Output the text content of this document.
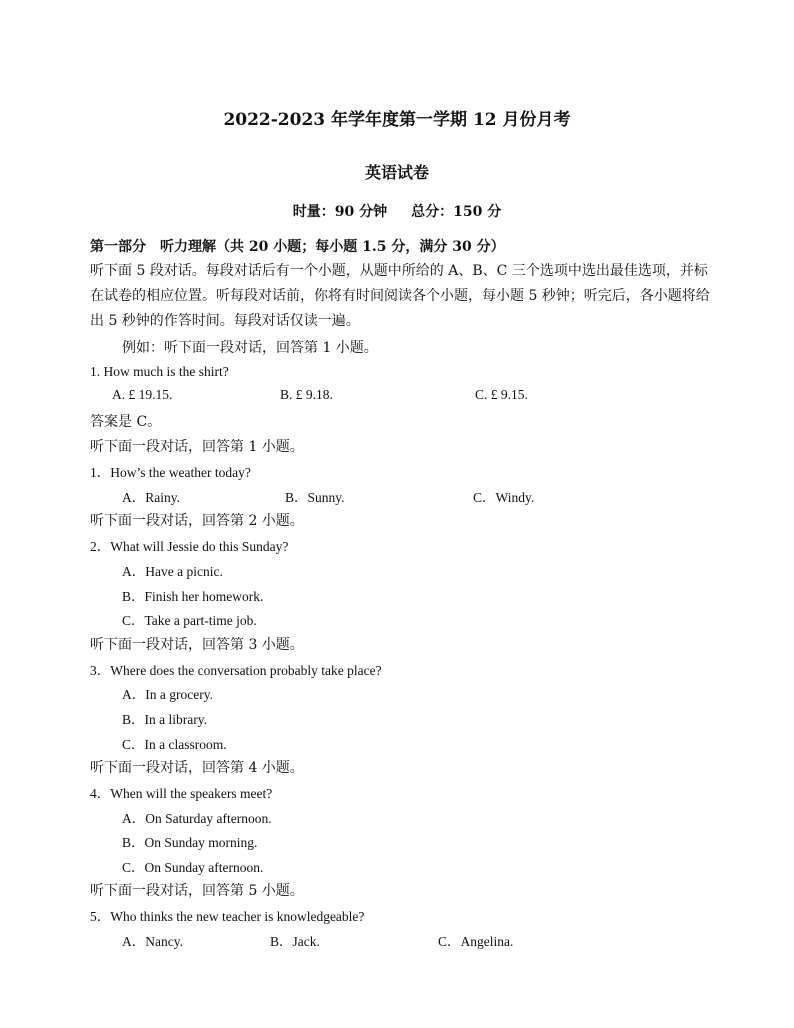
2022-2023 年学年度第一学期 12 月份月考
英语试卷
时量：90 分钟 总分：150 分
第一部分　听力理解（共 20 小题；每小题 1.5 分，满分 30 分）
听下面 5 段对话。每段对话后有一个小题，从题中所给的 A、B、C 三个选项中选出最佳选项，并标在试卷的相应位置。听每段对话前，你将有时间阅读各个小题，每小题 5 秒钟；听完后，各小题将给出 5 秒钟的作答时间。每段对话仅读一遍。
例如：听下面一段对话，回答第 1 小题。
1. How much is the shirt?
A. £ 19.15.	B. £ 9.18.	C. £ 9.15.
答案是 C。
听下面一段对话，回答第 1 小题。
1．How’s the weather today?
A．Rainy.	B．Sunny.	C．Windy.
听下面一段对话，回答第 2 小题。
2．What will Jessie do this Sunday?
A．Have a picnic.
B．Finish her homework.
C．Take a part-time job.
听下面一段对话，回答第 3 小题。
3．Where does the conversation probably take place?
A．In a grocery.
B．In a library.
C．In a classroom.
听下面一段对话，回答第 4 小题。
4．When will the speakers meet?
A．On Saturday afternoon.
B．On Sunday morning.
C．On Sunday afternoon.
听下面一段对话，回答第 5 小题。
5．Who thinks the new teacher is knowledgeable?
A．Nancy.	B．Jack.	C．Angelina.
